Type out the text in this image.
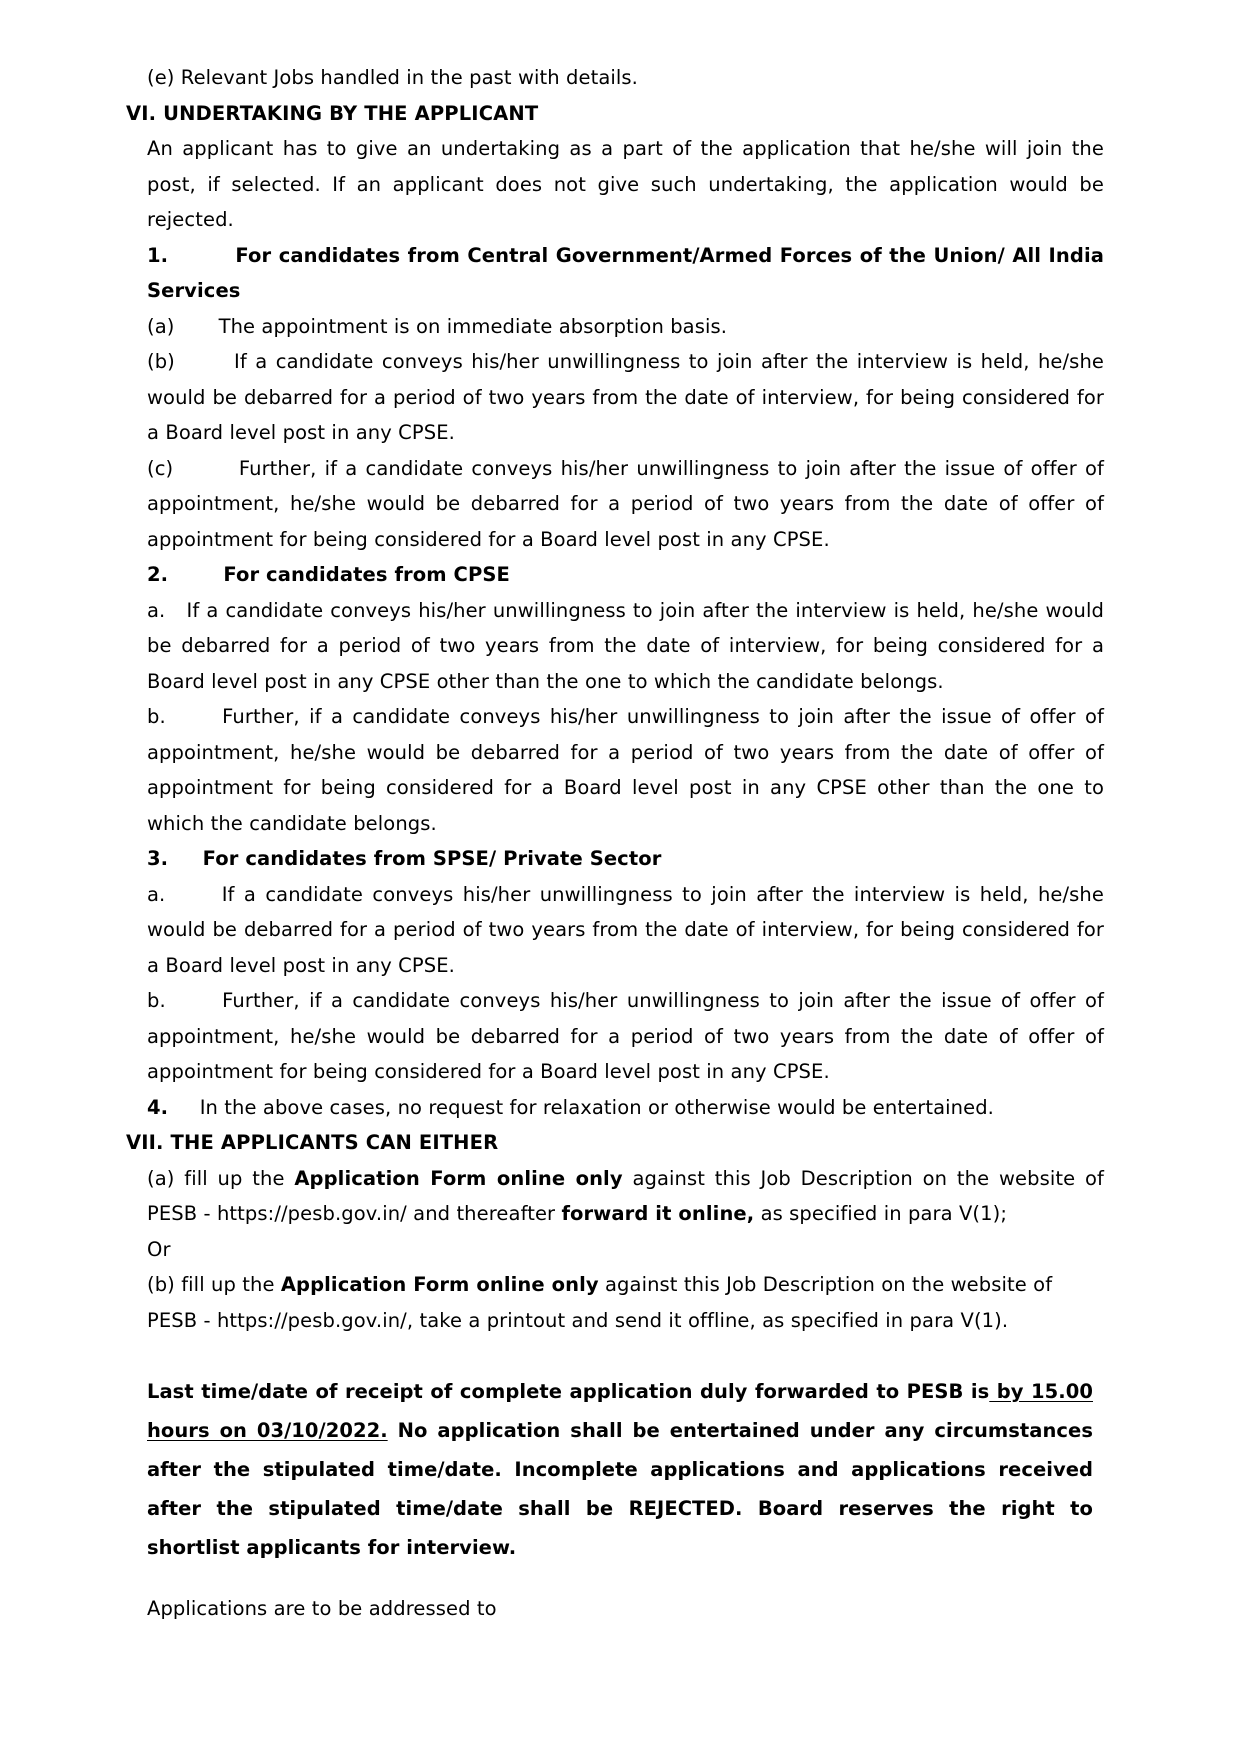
(e) Relevant Jobs handled in the past with details.

VI. UNDERTAKING BY THE APPLICANT

An applicant has to give an undertaking as a part of the application that he/she will join the post, if selected. If an applicant does not give such undertaking, the application would be rejected.

1.	For candidates from Central Government/Armed Forces of the Union/ All India Services

(a) The appointment is on immediate absorption basis.

(b)	If a candidate conveys his/her unwillingness to join after the interview is held, he/she would be debarred for a period of two years from the date of interview, for being considered for a Board level post in any CPSE.

(c)	Further, if a candidate conveys his/her unwillingness to join after the issue of offer of appointment, he/she would be debarred for a period of two years from the date of offer of appointment for being considered for a Board level post in any CPSE.

2.	For candidates from CPSE

a. If a candidate conveys his/her unwillingness to join after the interview is held, he/she would be debarred for a period of two years from the date of interview, for being considered for a Board level post in any CPSE other than the one to which the candidate belongs.

b.	Further, if a candidate conveys his/her unwillingness to join after the issue of offer of appointment, he/she would be debarred for a period of two years from the date of offer of appointment for being considered for a Board level post in any CPSE other than the one to which the candidate belongs.

3. For candidates from SPSE/ Private Sector

a.	If a candidate conveys his/her unwillingness to join after the interview is held, he/she would be debarred for a period of two years from the date of interview, for being considered for a Board level post in any CPSE.

b.	Further, if a candidate conveys his/her unwillingness to join after the issue of offer of appointment, he/she would be debarred for a period of two years from the date of offer of appointment for being considered for a Board level post in any CPSE.

4. In the above cases, no request for relaxation or otherwise would be entertained.

VII. THE APPLICANTS CAN EITHER

(a) fill up the Application Form online only against this Job Description on the website of PESB - https://pesb.gov.in/ and thereafter forward it online, as specified in para V(1);

Or

(b) fill up the Application Form online only against this Job Description on the website of PESB - https://pesb.gov.in/, take a printout and send it offline, as specified in para V(1).

Last time/date of receipt of complete application duly forwarded to PESB is by 15.00 hours on 03/10/2022. No application shall be entertained under any circumstances after the stipulated time/date. Incomplete applications and applications received after the stipulated time/date shall be REJECTED. Board reserves the right to shortlist applicants for interview.

Applications are to be addressed to
